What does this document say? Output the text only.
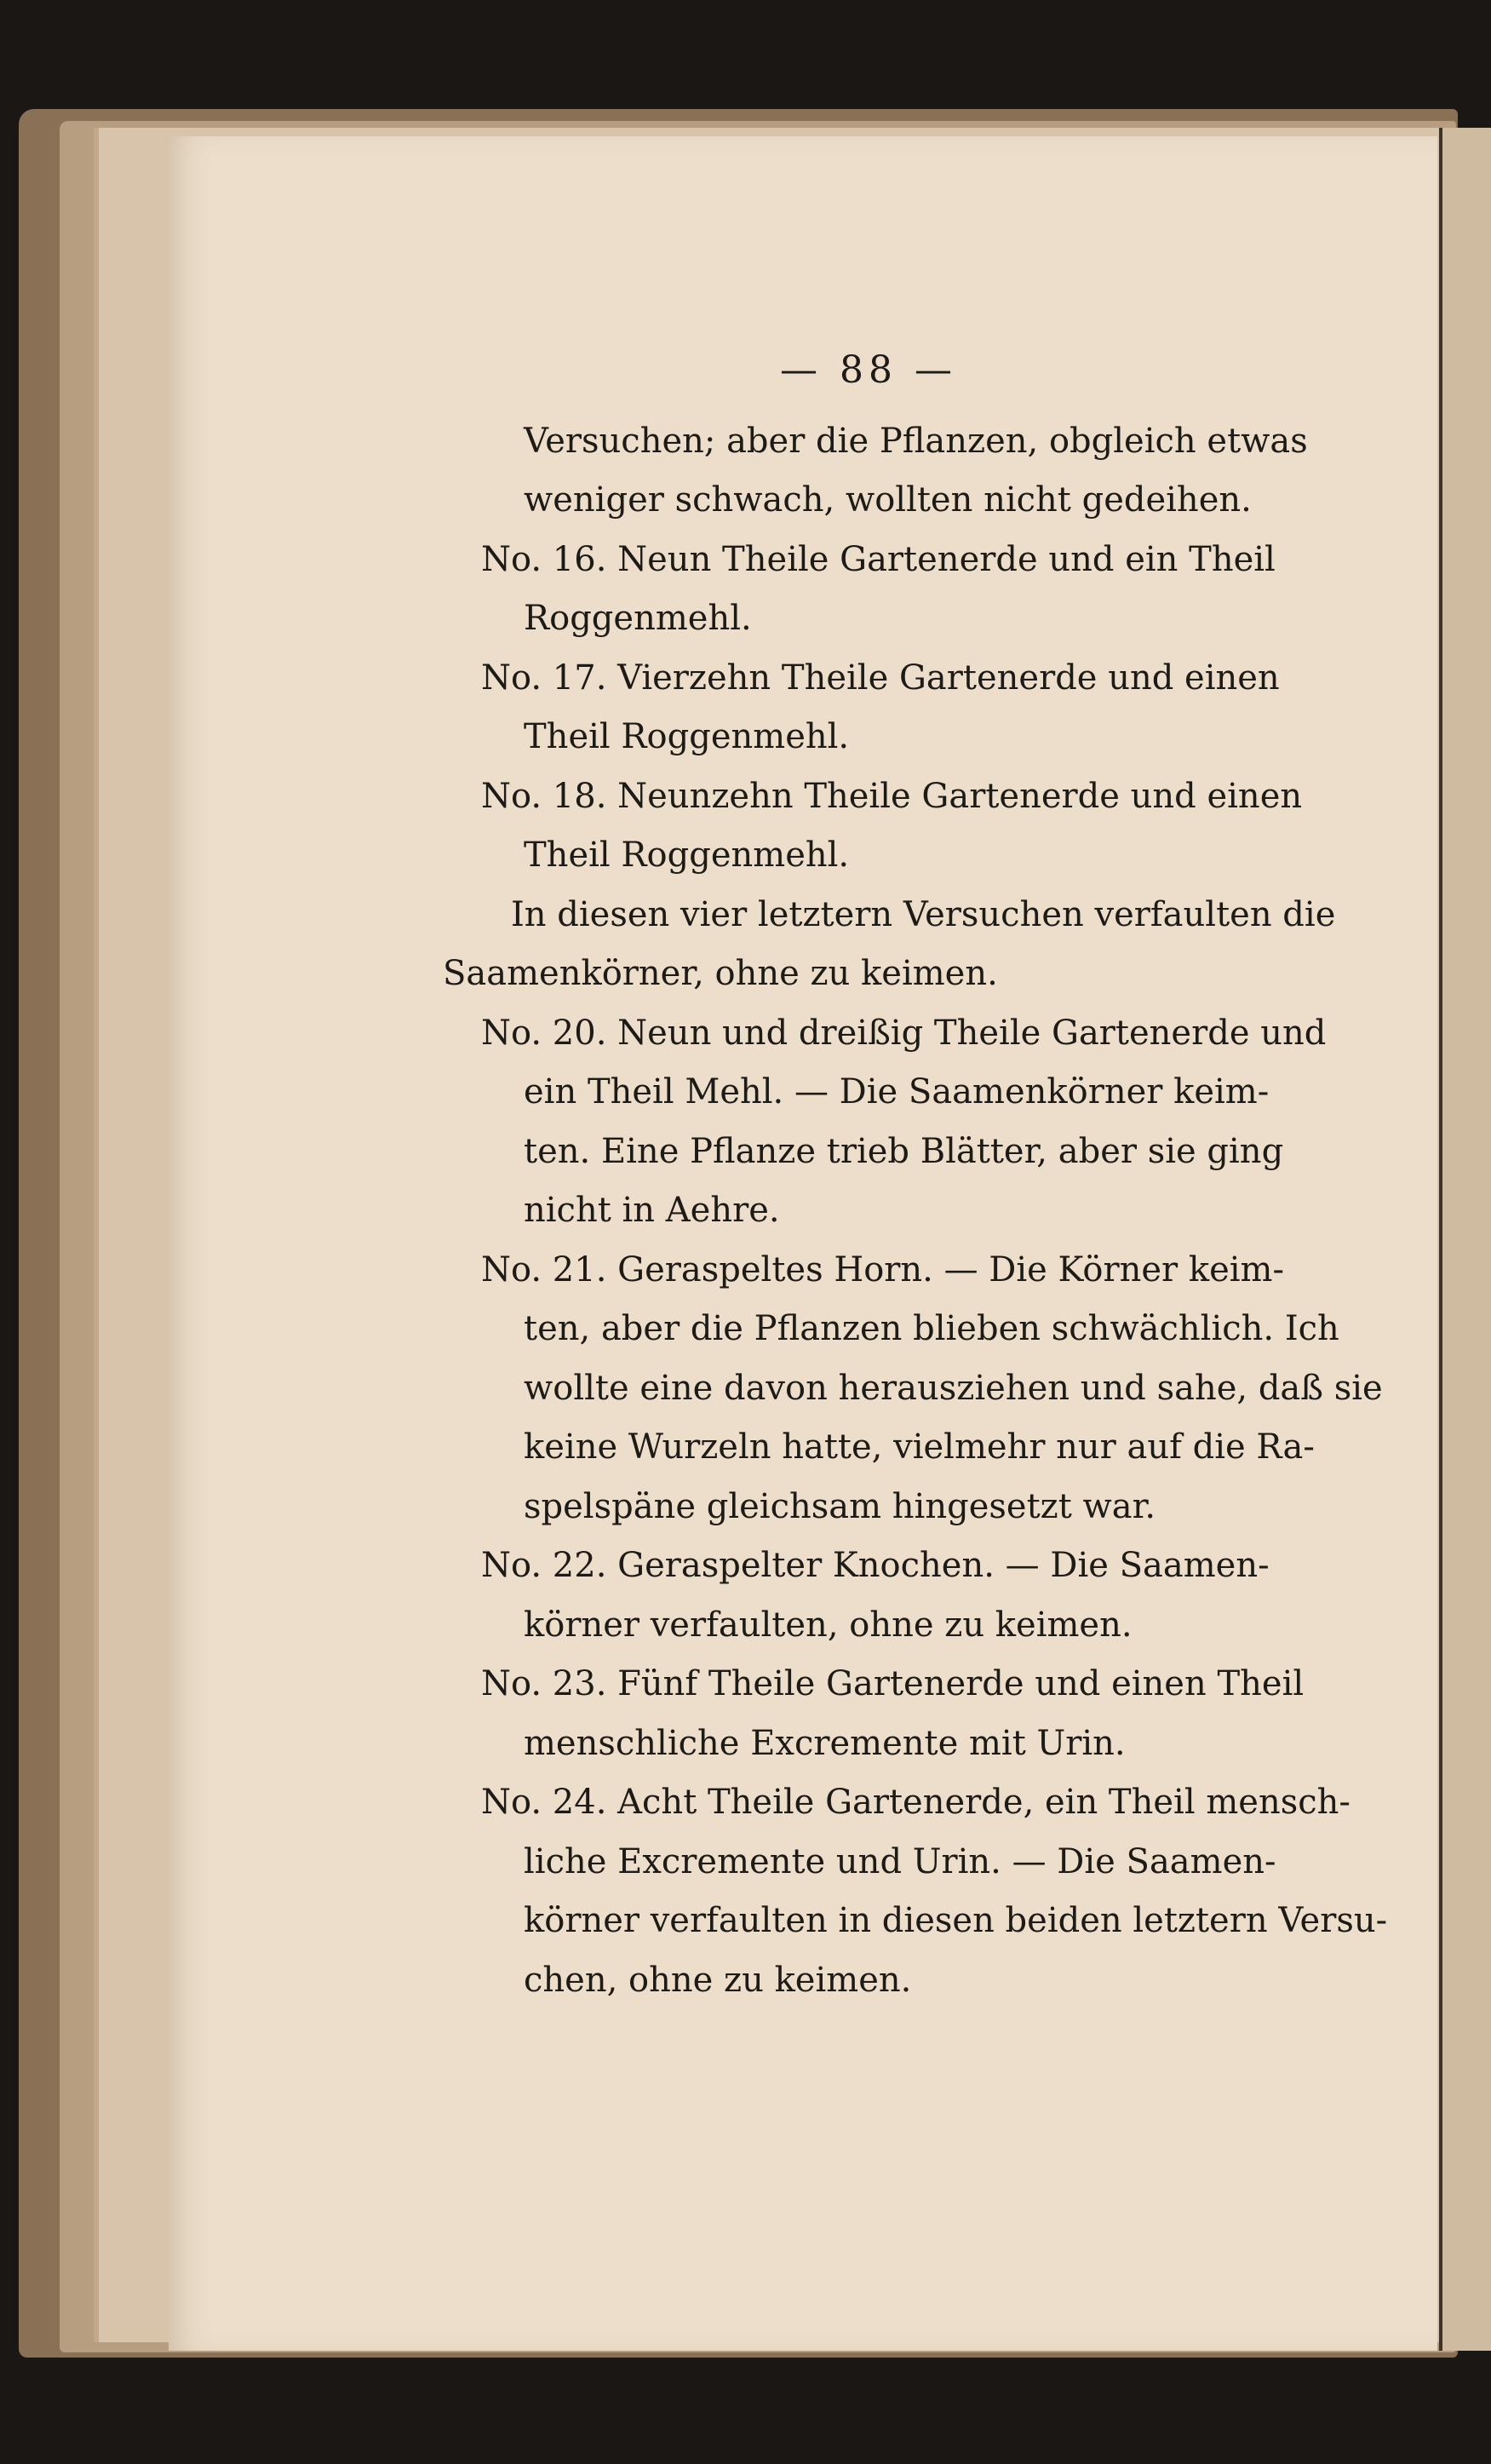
— 88 —
Versuchen; aber die Pflanzen, obgleich etwas
weniger schwach, wollten nicht gedeihen.
No. 16. Neun Theile Gartenerde und ein Theil
Roggenmehl.
No. 17. Vierzehn Theile Gartenerde und einen
Theil Roggenmehl.
No. 18. Neunzehn Theile Gartenerde und einen
Theil Roggenmehl.
In diesen vier letztern Versuchen verfaulten die
Saamenkörner, ohne zu keimen.
No. 20. Neun und dreißig Theile Gartenerde und
ein Theil Mehl. — Die Saamenkörner keim-
ten. Eine Pflanze trieb Blätter, aber sie ging
nicht in Aehre.
No. 21. Geraspeltes Horn. — Die Körner keim-
ten, aber die Pflanzen blieben schwächlich. Ich
wollte eine davon herausziehen und sahe, daß sie
keine Wurzeln hatte, vielmehr nur auf die Ra-
spelspäne gleichsam hingesetzt war.
No. 22. Geraspelter Knochen. — Die Saamen-
körner verfaulten, ohne zu keimen.
No. 23. Fünf Theile Gartenerde und einen Theil
menschliche Excremente mit Urin.
No. 24. Acht Theile Gartenerde, ein Theil mensch-
liche Excremente und Urin. — Die Saamen-
körner verfaulten in diesen beiden letztern Versu-
chen, ohne zu keimen.
